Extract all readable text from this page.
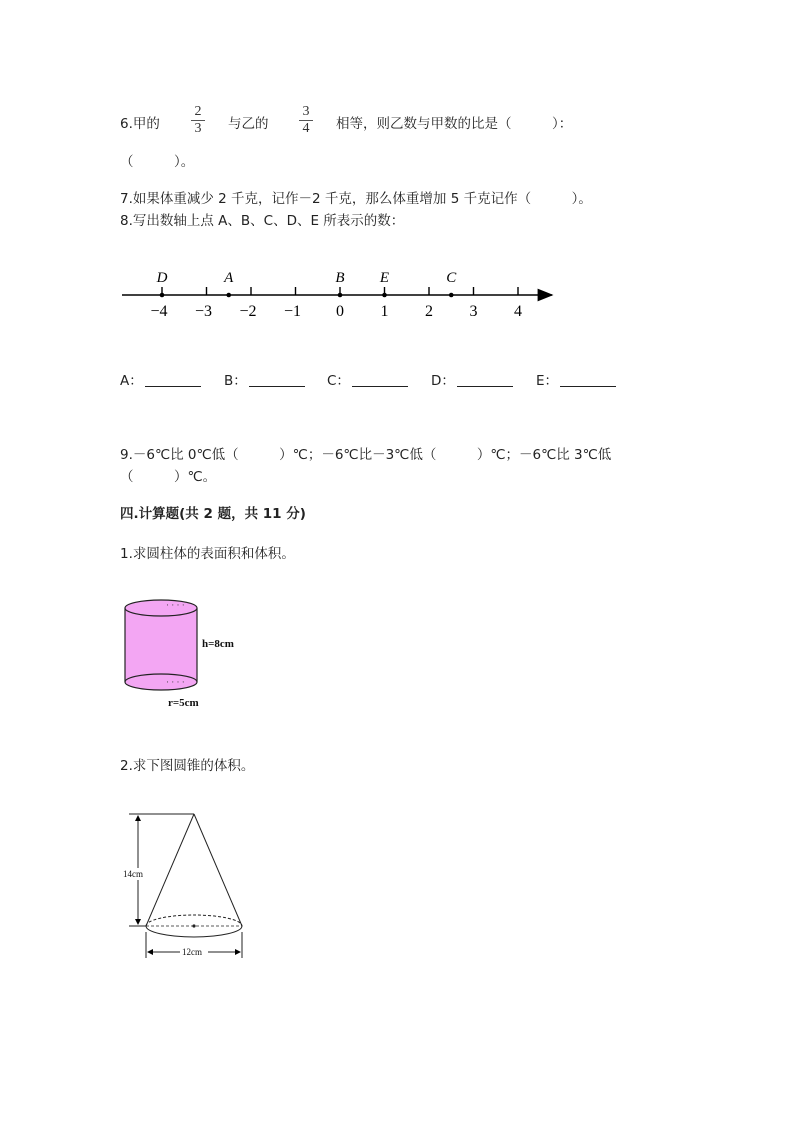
6.甲的
2
3	与乙的
3
4	相等，则乙数与甲数的比是（　　　）：
（　　　）。
7.如果体重减少 2 千克，记作－2 千克，那么体重增加 5 千克记作（　　　）。
8.写出数轴上点 A、B、C、D、E 所表示的数：
−4 −3 −2 −1 0 1 2 3 4
D	A	B E	C
A：	B：	C：	D：	E：
9.－6℃比 0℃低（　　　）℃；－6℃比－3℃低（　　　）℃；－6℃比 3℃低
（　　　）℃。
四.计算题(共 2 题，共 11 分)
1.求圆柱体的表面积和体积。
· · · ·
· · · ·
h=8cm
r=5cm
2.求下图圆锥的体积。
14cm
12cm
